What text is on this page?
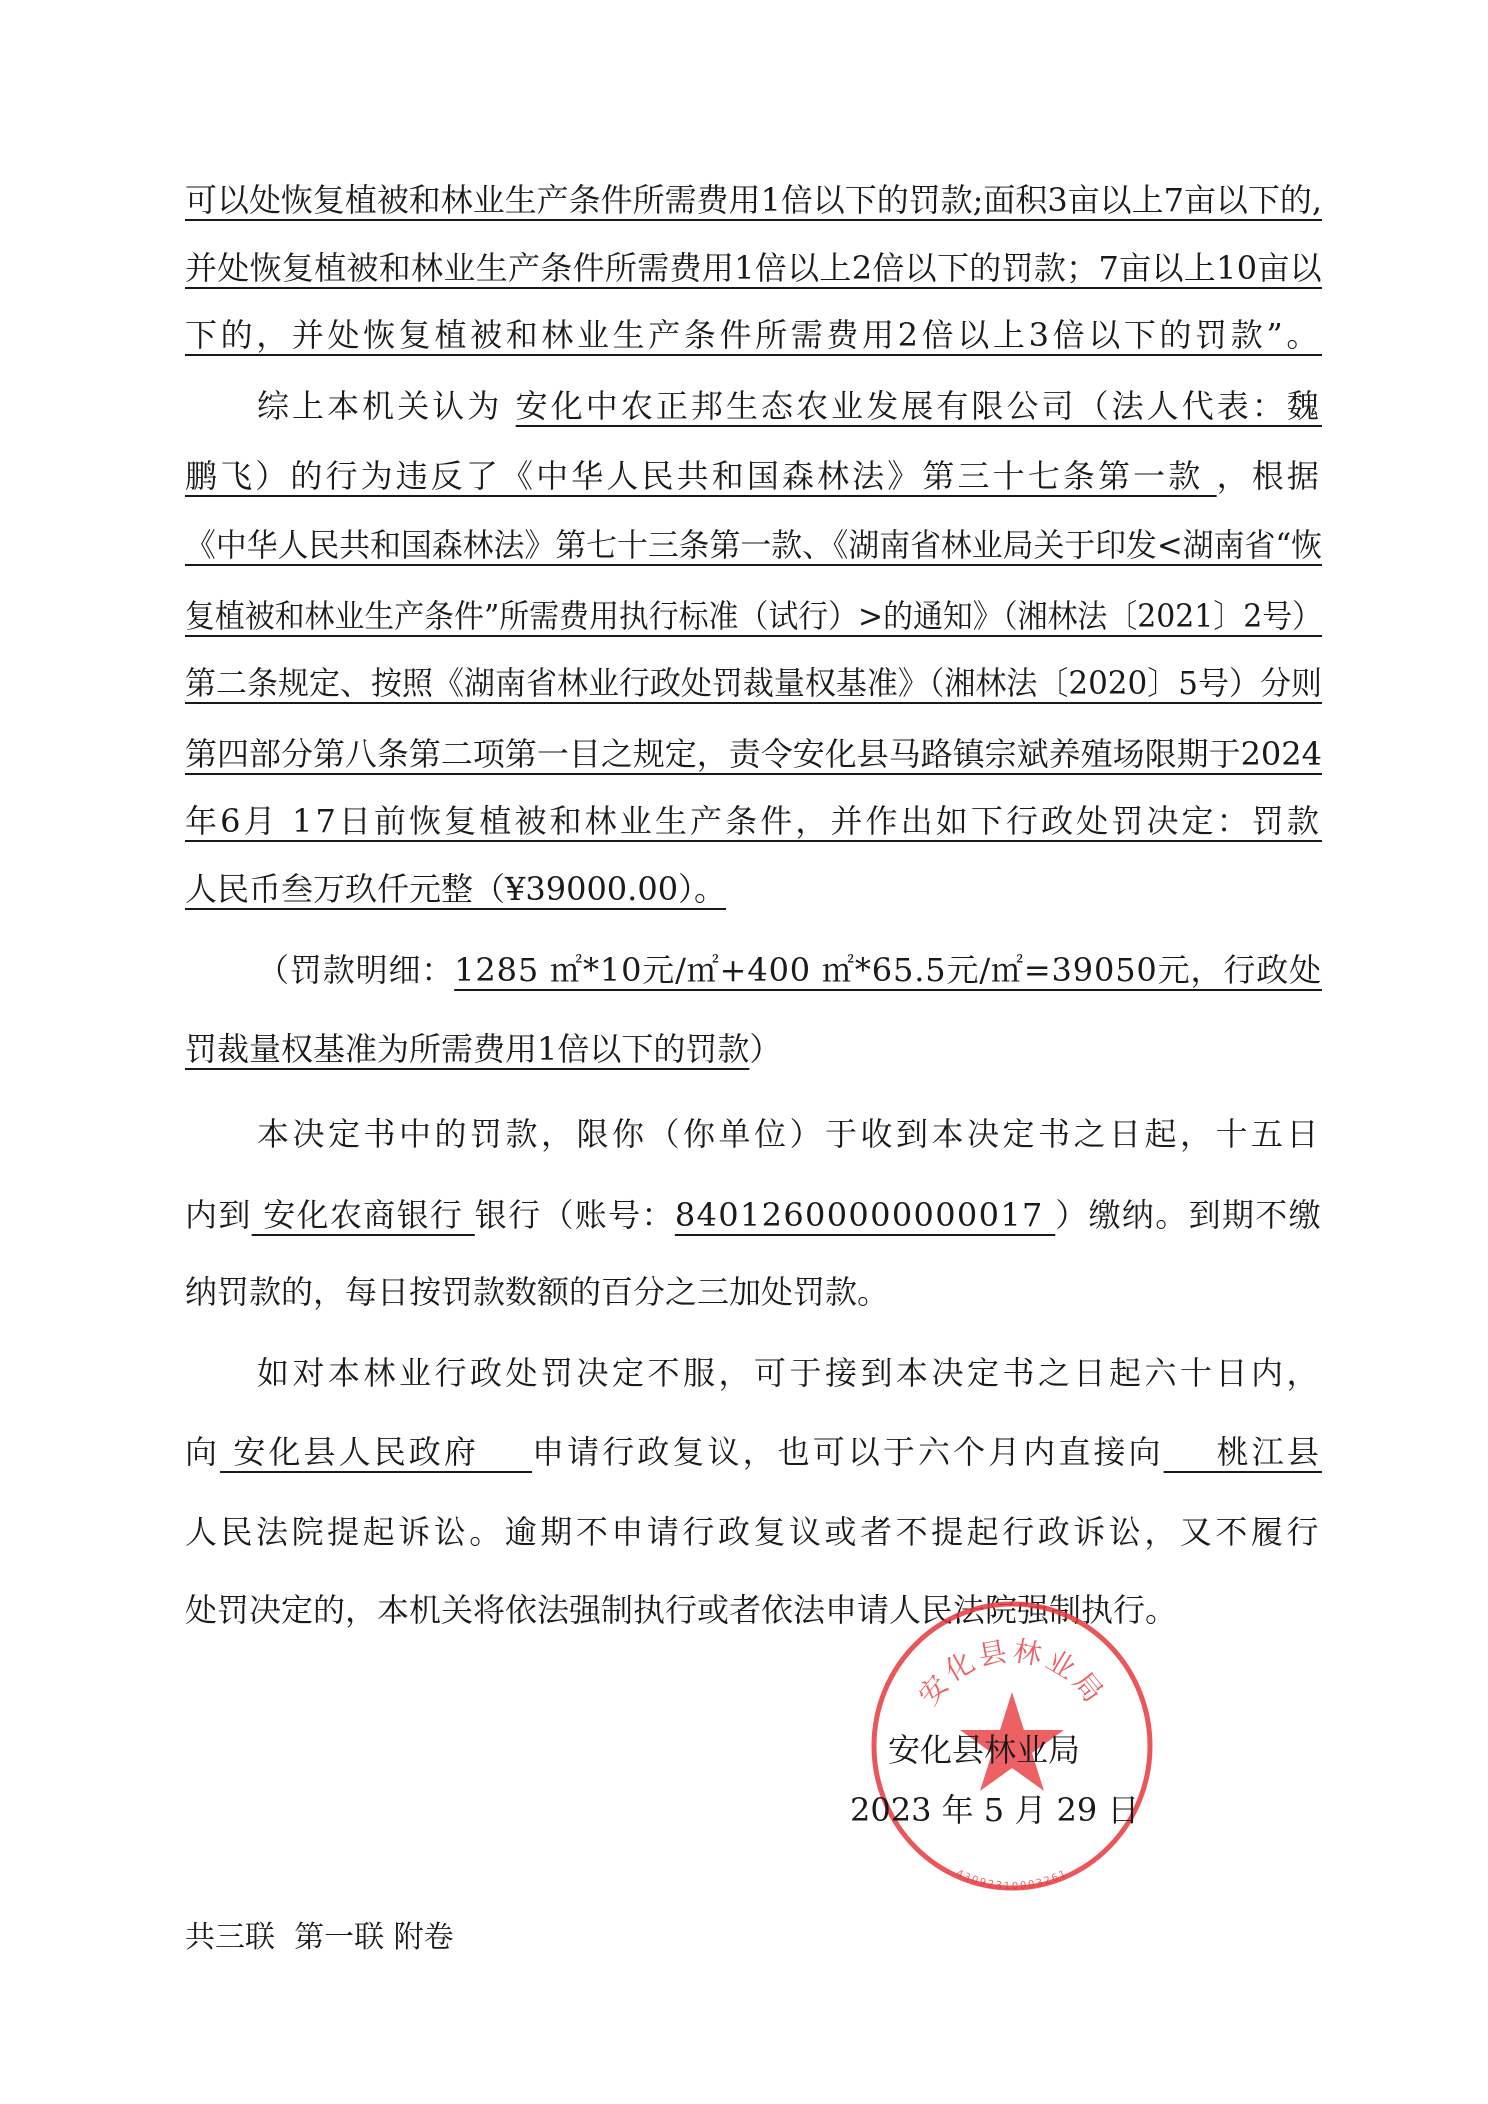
可以处恢复植被和林业生产条件所需费用1倍以下的罚款;面积3亩以上7亩以下的,
并处恢复植被和林业生产条件所需费用1倍以上2倍以下的罚款；7亩以上10亩以
下的，并处恢复植被和林业生产条件所需费用2倍以上3倍以下的罚款”。
综上本机关认为 安化中农正邦生态农业发展有限公司（法人代表：魏
鹏飞）的行为违反了《中华人民共和国森林法》第三十七条第一款 ，根据
《中华人民共和国森林法》第七十三条第一款、《湖南省林业局关于印发<湖南省“恢
复植被和林业生产条件”所需费用执行标准（试行）>的通知》（湘林法〔2021〕2号）
第二条规定、按照《湖南省林业行政处罚裁量权基准》（湘林法〔2020〕5号）分则
第四部分第八条第二项第一目之规定，责令安化县马路镇宗斌养殖场限期于2024
年6月 17日前恢复植被和林业生产条件，并作出如下行政处罚决定：罚款
人民币叁万玖仟元整（¥39000.00）。
（罚款明细：1285 ㎡*10元/㎡+400 ㎡*65.5元/㎡=39050元，行政处
罚裁量权基准为所需费用1倍以下的罚款）
本决定书中的罚款，限你（你单位）于收到本决定书之日起，十五日
内到 安化农商银行 银行（账号：84012600000000017 ）缴纳。到期不缴
纳罚款的，每日按罚款数额的百分之三加处罚款。
如对本林业行政处罚决定不服，可于接到本决定书之日起六十日内，
向 安化县人民政府    申请行政复议，也可以于六个月内直接向    桃江县
人民法院提起诉讼。逾期不申请行政复议或者不提起行政诉讼，又不履行
处罚决定的，本机关将依法强制执行或者依法申请人民法院强制执行。
安化县林业局
43092310003261
安化县林业局
2023 年 5 月 29 日
共三联  第一联 附卷
